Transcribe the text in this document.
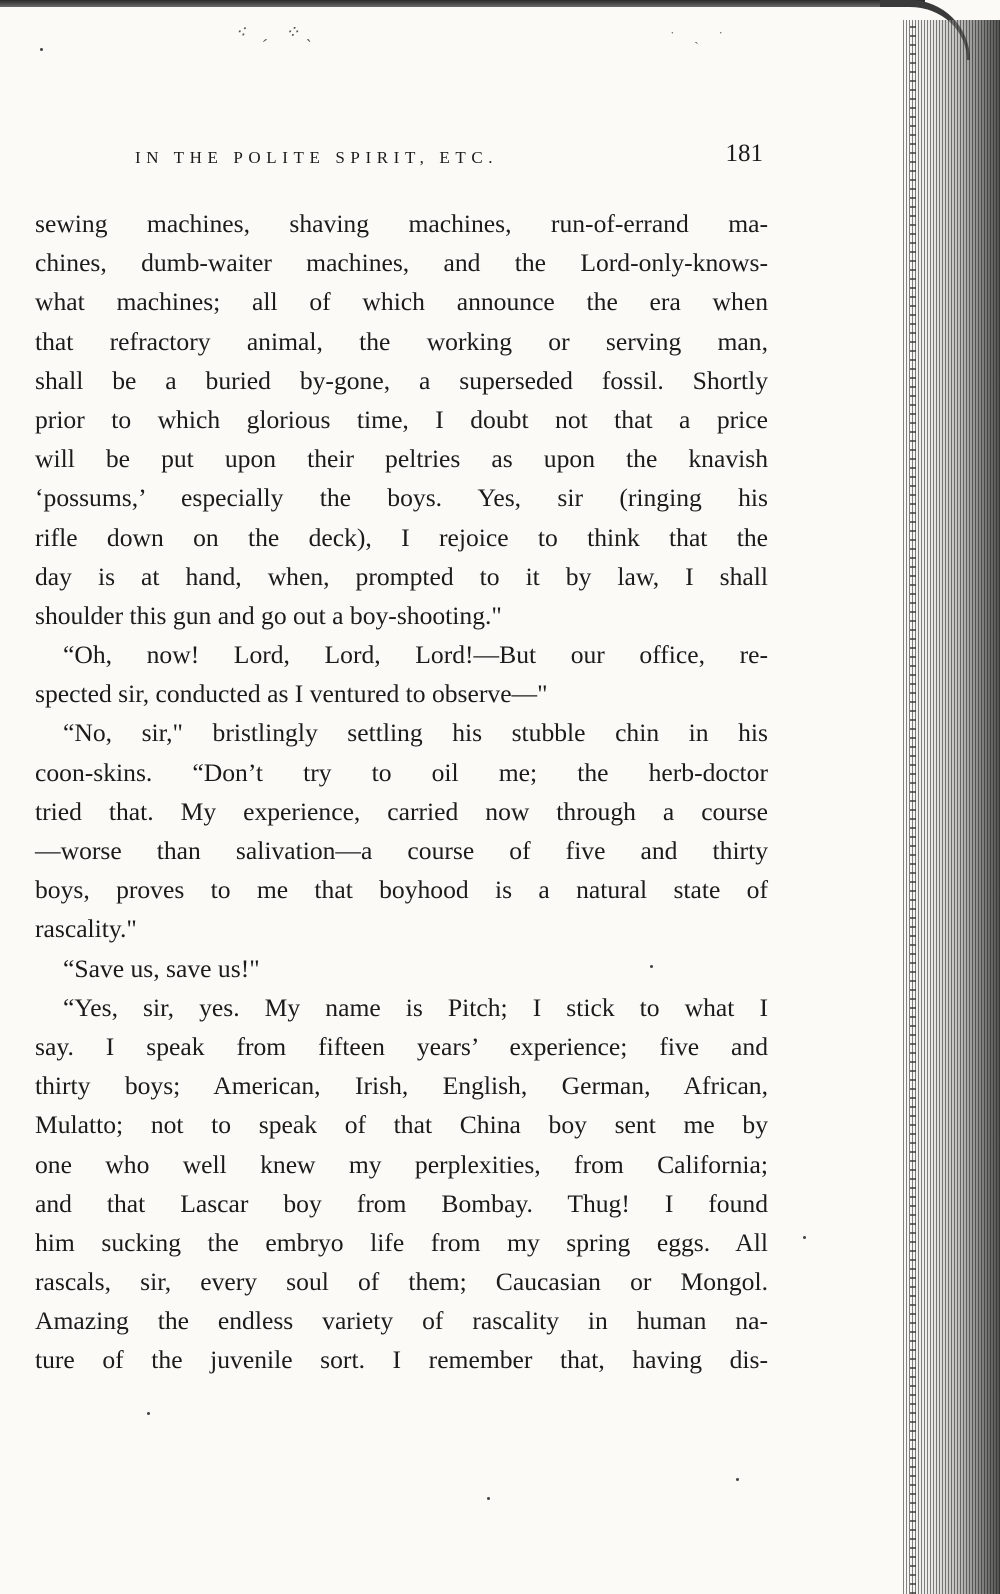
⁖ ˏ ⁘ˎ	˙ ˏ ˙
IN THE POLITE SPIRIT, ETC.	181
sewing machines, shaving machines, run-of-errand ma-
chines, dumb-waiter machines, and the Lord-only-knows-
what machines; all of which announce the era when
that refractory animal, the working or serving man,
shall be a buried by-gone, a superseded fossil. Shortly
prior to which glorious time, I doubt not that a price
will be put upon their peltries as upon the knavish
‘possums,’ especially the boys. Yes, sir (ringing his
rifle down on the deck), I rejoice to think that the
day is at hand, when, prompted to it by law, I shall
shoulder this gun and go out a boy-shooting."
“Oh, now! Lord, Lord, Lord!—But our office, re-
spected sir, conducted as I ventured to observe—"
“No, sir," bristlingly settling his stubble chin in his
coon-skins. “Don’t try to oil me; the herb-doctor
tried that. My experience, carried now through a course
—worse than salivation—a course of five and thirty
boys, proves to me that boyhood is a natural state of
rascality."
“Save us, save us!"
“Yes, sir, yes. My name is Pitch; I stick to what I
say. I speak from fifteen years’ experience; five and
thirty boys; American, Irish, English, German, African,
Mulatto; not to speak of that China boy sent me by
one who well knew my perplexities, from California;
and that Lascar boy from Bombay. Thug! I found
him sucking the embryo life from my spring eggs. All
rascals, sir, every soul of them; Caucasian or Mongol.
Amazing the endless variety of rascality in human na-
ture of the juvenile sort. I remember that, having dis-
